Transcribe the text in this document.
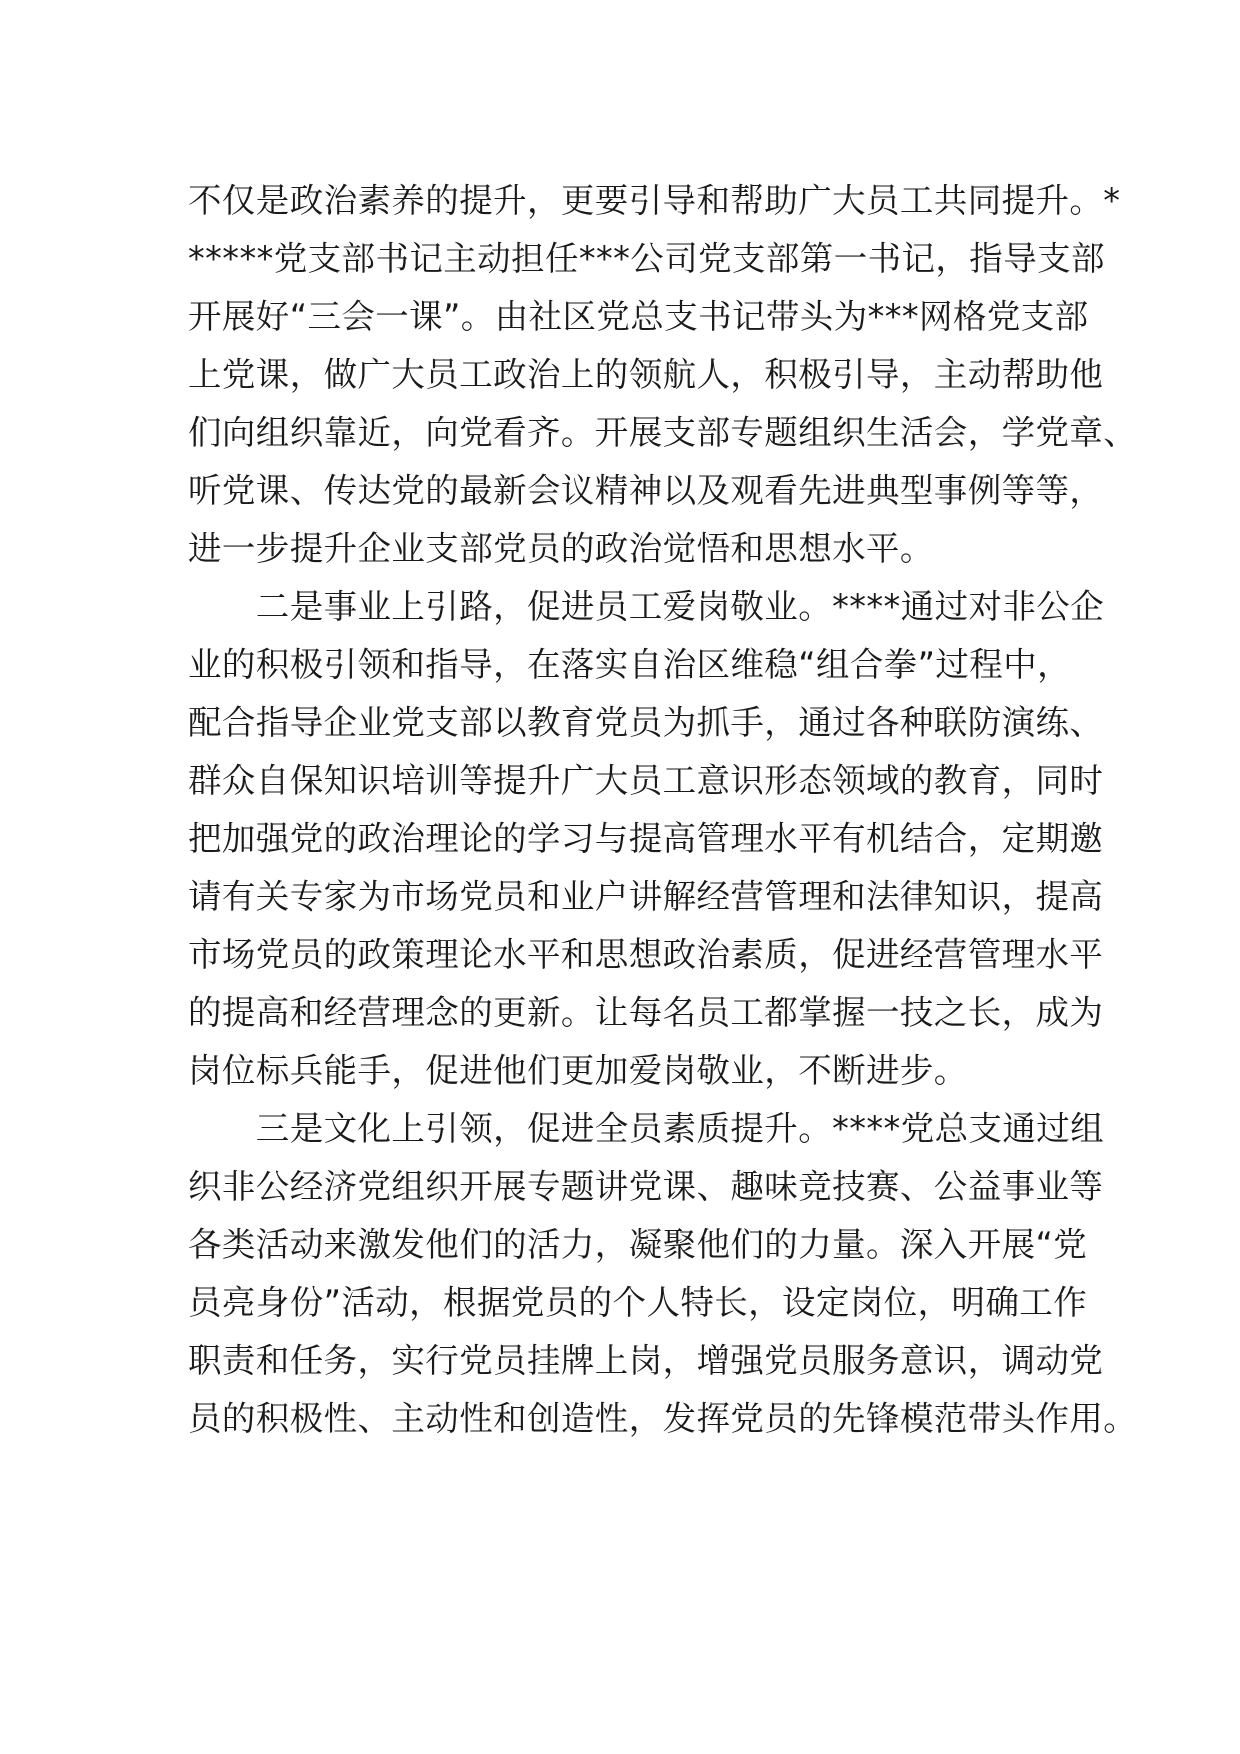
不仅是政治素养的提升，更要引导和帮助广大员工共同提升。*
*****党支部书记主动担任***公司党支部第一书记，指导支部
开展好“三会一课”。由社区党总支书记带头为***网格党支部
上党课，做广大员工政治上的领航人，积极引导，主动帮助他
们向组织靠近，向党看齐。开展支部专题组织生活会，学党章、
听党课、传达党的最新会议精神以及观看先进典型事例等等，
进一步提升企业支部党员的政治觉悟和思想水平。
　　二是事业上引路，促进员工爱岗敬业。****通过对非公企
业的积极引领和指导，在落实自治区维稳“组合拳”过程中，
配合指导企业党支部以教育党员为抓手，通过各种联防演练、
群众自保知识培训等提升广大员工意识形态领域的教育，同时
把加强党的政治理论的学习与提高管理水平有机结合，定期邀
请有关专家为市场党员和业户讲解经营管理和法律知识，提高
市场党员的政策理论水平和思想政治素质，促进经营管理水平
的提高和经营理念的更新。让每名员工都掌握一技之长，成为
岗位标兵能手，促进他们更加爱岗敬业，不断进步。
　　三是文化上引领，促进全员素质提升。****党总支通过组
织非公经济党组织开展专题讲党课、趣味竞技赛、公益事业等
各类活动来激发他们的活力，凝聚他们的力量。深入开展“党
员亮身份”活动，根据党员的个人特长，设定岗位，明确工作
职责和任务，实行党员挂牌上岗，增强党员服务意识，调动党
员的积极性、主动性和创造性，发挥党员的先锋模范带头作用。
